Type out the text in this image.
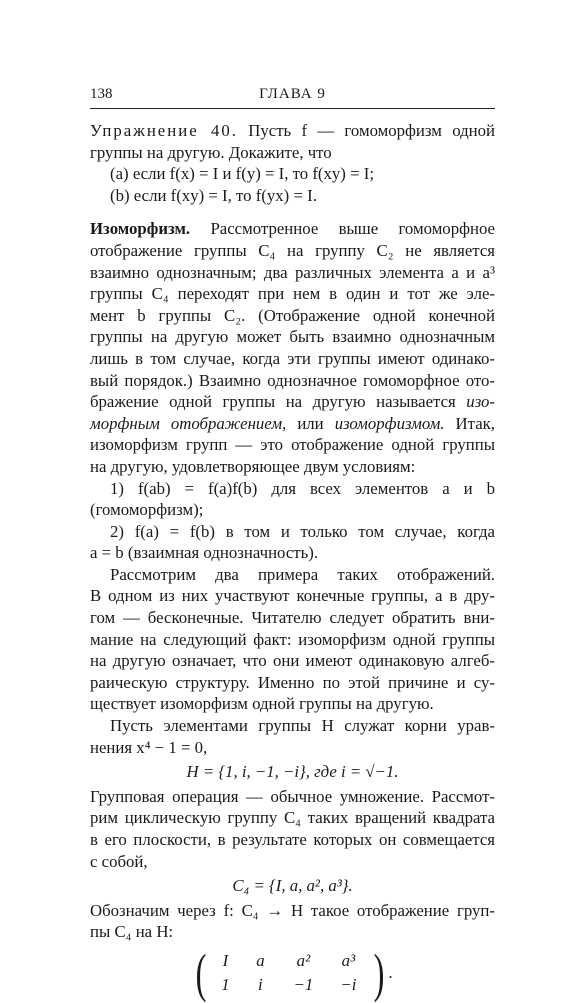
138	ГЛАВА 9
Упражнение 40. Пусть f — гомоморфизм одной
группы на другую. Докажите, что
(a) если f(x) = I и f(y) = I, то f(xy) = I;
(b) если f(xy) = I, то f(yx) = I.
Изоморфизм. Рассмотренное выше гомоморфное
отображение группы C₄ на группу C₂ не является
взаимно однозначным; два различных элемента a и a³
группы C₄ переходят при нем в один и тот же эле-
мент b группы C₂. (Отображение одной конечной
группы на другую может быть взаимно однозначным
лишь в том случае, когда эти группы имеют одинако-
вый порядок.) Взаимно однозначное гомоморфное ото-
бражение одной группы на другую называется изо-
морфным отображением, или изоморфизмом. Итак,
изоморфизм групп — это отображение одной группы
на другую, удовлетворяющее двум условиям:
1) f(ab) = f(a)f(b) для всех элементов a и b
(гомоморфизм);
2) f(a) = f(b) в том и только том случае, когда
a = b (взаимная однозначность).
Рассмотрим два примера таких отображений.
В одном из них участвуют конечные группы, а в дру-
гом — бесконечные. Читателю следует обратить вни-
мание на следующий факт: изоморфизм одной группы
на другую означает, что они имеют одинаковую алгеб-
раическую структуру. Именно по этой причине и су-
ществует изоморфизм одной группы на другую.
Пусть элементами группы H служат корни урав-
нения x⁴ − 1 = 0,
H = {1, i, −1, −i}, где i = √−1.
Групповая операция — обычное умножение. Рассмот-
рим циклическую группу C₄ таких вращений квадрата
в его плоскости, в результате которых он совмещается
с собой,
C₄ = {I, a, a², a³}.
Обозначим через f: C₄ → H такое отображение груп-
пы C₄ на H:
( I	a	a²	a³
1	i	−1	−i ) .
